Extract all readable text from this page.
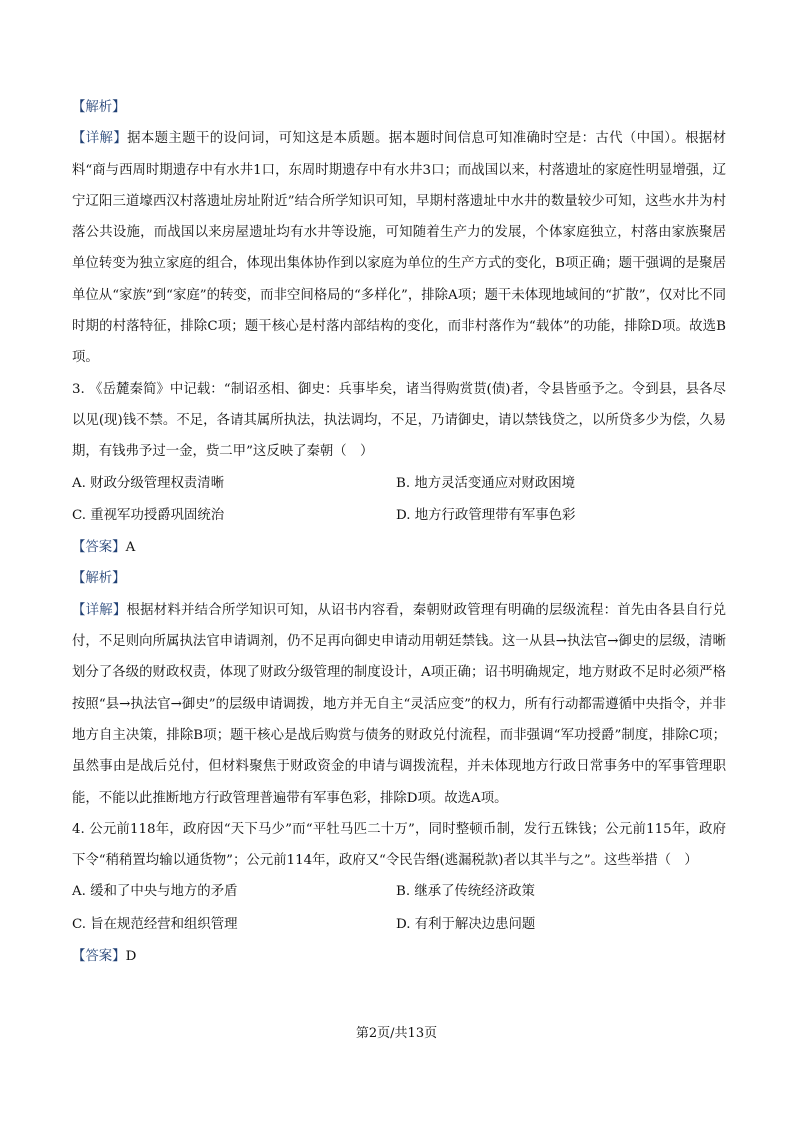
【解析】

【详解】据本题主题干的设问词，可知这是本质题。据本题时间信息可知准确时空是：古代（中国）。根据材料“商与西周时期遗存中有水井1口，东周时期遗存中有水井3口；而战国以来，村落遗址的家庭性明显增强，辽宁辽阳三道壕西汉村落遗址房址附近”结合所学知识可知，早期村落遗址中水井的数量较少可知，这些水井为村落公共设施，而战国以来房屋遗址均有水井等设施，可知随着生产力的发展，个体家庭独立，村落由家族聚居单位转变为独立家庭的组合，体现出集体协作到以家庭为单位的生产方式的变化，B项正确；题干强调的是聚居单位从“家族”到“家庭”的转变，而非空间格局的“多样化”，排除A项；题干未体现地域间的“扩散”，仅对比不同时期的村落特征，排除C项；题干核心是村落内部结构的变化，而非村落作为“载体”的功能，排除D项。故选B项。

3. 《岳麓秦简》中记载：“制诏丞相、御史：兵事毕矣，诸当得购赏贳(债)者，令县皆亟予之。令到县，县各尽以见(现)钱不禁。不足，各请其属所执法，执法调均，不足，乃请御史，请以禁钱贷之，以所贷多少为偿，久易期，有钱弗予过一金，赀二甲”这反映了秦朝（　）

A. 财政分级管理权责清晰	B. 地方灵活变通应对财政困境
C. 重视军功授爵巩固统治	D. 地方行政管理带有军事色彩

【答案】A

【解析】

【详解】根据材料并结合所学知识可知，从诏书内容看，秦朝财政管理有明确的层级流程：首先由各县自行兑付，不足则向所属执法官申请调剂，仍不足再向御史申请动用朝廷禁钱。这一从县→执法官→御史的层级，清晰划分了各级的财政权责，体现了财政分级管理的制度设计，A项正确；诏书明确规定，地方财政不足时必须严格按照“县→执法官→御史”的层级申请调拨，地方并无自主“灵活应变”的权力，所有行动都需遵循中央指令，并非地方自主决策，排除B项；题干核心是战后购赏与债务的财政兑付流程，而非强调“军功授爵”制度，排除C项；虽然事由是战后兑付，但材料聚焦于财政资金的申请与调拨流程，并未体现地方行政日常事务中的军事管理职能，不能以此推断地方行政管理普遍带有军事色彩，排除D项。故选A项。

4. 公元前118年，政府因“天下马少”而“平牡马匹二十万”，同时整顿币制，发行五铢钱；公元前115年，政府下令“稍稍置均输以通货物”；公元前114年，政府又“令民告缗(逃漏税款)者以其半与之”。这些举措（　）

A. 缓和了中央与地方的矛盾	B. 继承了传统经济政策
C. 旨在规范经营和组织管理	D. 有利于解决边患问题

【答案】D

第2页/共13页
